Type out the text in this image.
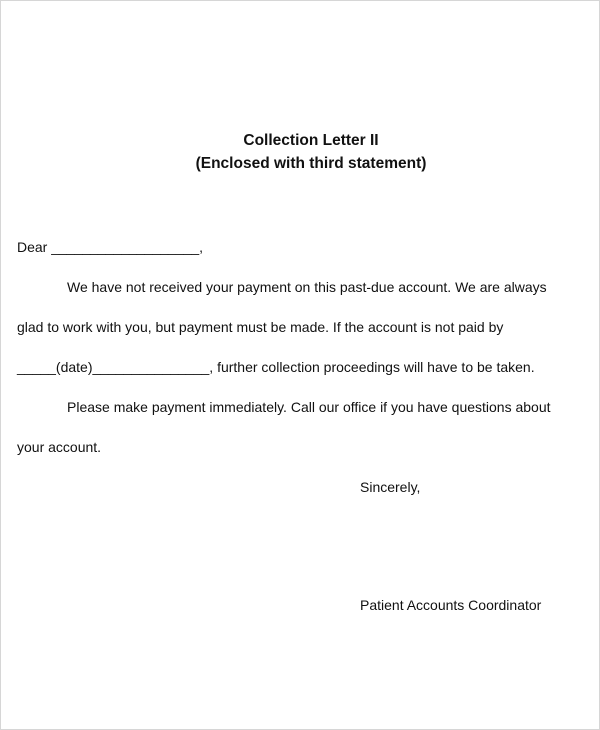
Collection Letter II
(Enclosed with third statement)
Dear ___________________,
We have not received your payment on this past-due account. We are always
glad to work with you, but payment must be made. If the account is not paid by
_____(date)_______________, further collection proceedings will have to be taken.
Please make payment immediately. Call our office if you have questions about
your account.
Sincerely,
Patient Accounts Coordinator
